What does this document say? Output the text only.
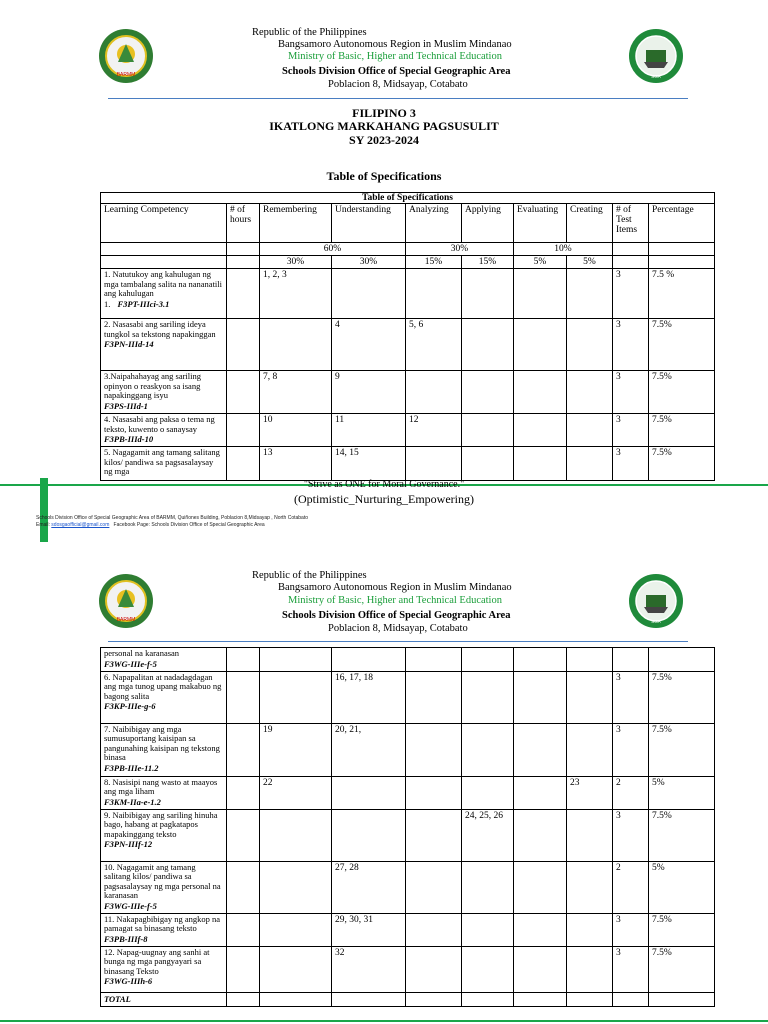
BARMM	SGA
Republic of the Philippines
Bangsamoro Autonomous Region in Muslim Mindanao
Ministry of Basic, Higher and Technical Education
Schools Division Office of Special Geographic Area
Poblacion 8, Midsayap, Cotabato
FILIPINO 3
IKATLONG MARKAHANG PAGSUSULIT
SY 2023-2024
Table of Specifications
Table of Specifications									
Learning Competency	# of hours	Remembering	Understanding	Analyzing	Applying	Evaluating	Creating	# of Test Items	Percentage
		60%		30%		10%			
		30%	30%	15%	15%	5%	5%		

1. Natutukoy ang kahulugan ng mga tambalang salita na nananatili ang kahulugan
1. F3PT-IIIci-3.1		1, 2, 3						3	7.5 %

2. Nasasabi ang sariling ideya tungkol sa tekstong napakinggan
F3PN-IIId-14			4	5, 6				3	7.5%

3.Naipahahayag ang sariling opinyon o reaskyon sa isang napakinggang isyu
F3PS-IIId-1		7, 8	9					3	7.5%

4. Nasasabi ang paksa o tema ng teksto, kuwento o sanaysay
F3PB-IIId-10		10	11	12				3	7.5%

5. Nagagamit ang tamang salitang kilos/ pandiwa sa pagsasalaysay ng mga		13	14, 15					3	7.5%
"Strive as ONE for Moral Governance."
(Optimistic_Nurturing_Empowering)
Schools Division Office of Special Geographic Area of BARMM, Quiñones Building, Poblacion 8,Midsayap , North Cotabato
Email: sdosgaofficial@gmail.com Facebook Page: Schools Division Office of Special Geographic Area
BARMM	SGA
Republic of the Philippines
Bangsamoro Autonomous Region in Muslim Mindanao
Ministry of Basic, Higher and Technical Education
Schools Division Office of Special Geographic Area
Poblacion 8, Midsayap, Cotabato
personal na karanasan
F3WG-IIIe-f-5									

6. Napapalitan at nadadagdagan ang mga tunog upang makabuo ng bagong salita
F3KP-IIIe-g-6			16, 17, 18					3	7.5%

7. Naibibigay ang mga sumusuportang kaisipan sa pangunahing kaisipan ng tekstong binasa
F3PB-IIIe-11.2		19	20, 21,					3	7.5%

8. Nasisipi nang wasto at maayos ang mga liham
F3KM-IIa-e-1.2		22					23	2	5%

9. Naibibigay ang sariling hinuha bago, habang at pagkatapos mapakinggang teksto
F3PN-IIIf-12					24, 25, 26			3	7.5%

10. Nagagamit ang tamang salitang kilos/ pandiwa sa pagsasalaysay ng mga personal na karanasan
F3WG-IIIe-f-5			27, 28					2	5%

11. Nakapagbibigay ng angkop na pamagat sa binasang teksto
F3PB-IIIf-8			29, 30, 31					3	7.5%

12. Napag-uugnay ang sanhi at bunga ng mga pangyayari sa binasang Teksto
F3WG-IIIh-6			32					3	7.5%

TOTAL									
